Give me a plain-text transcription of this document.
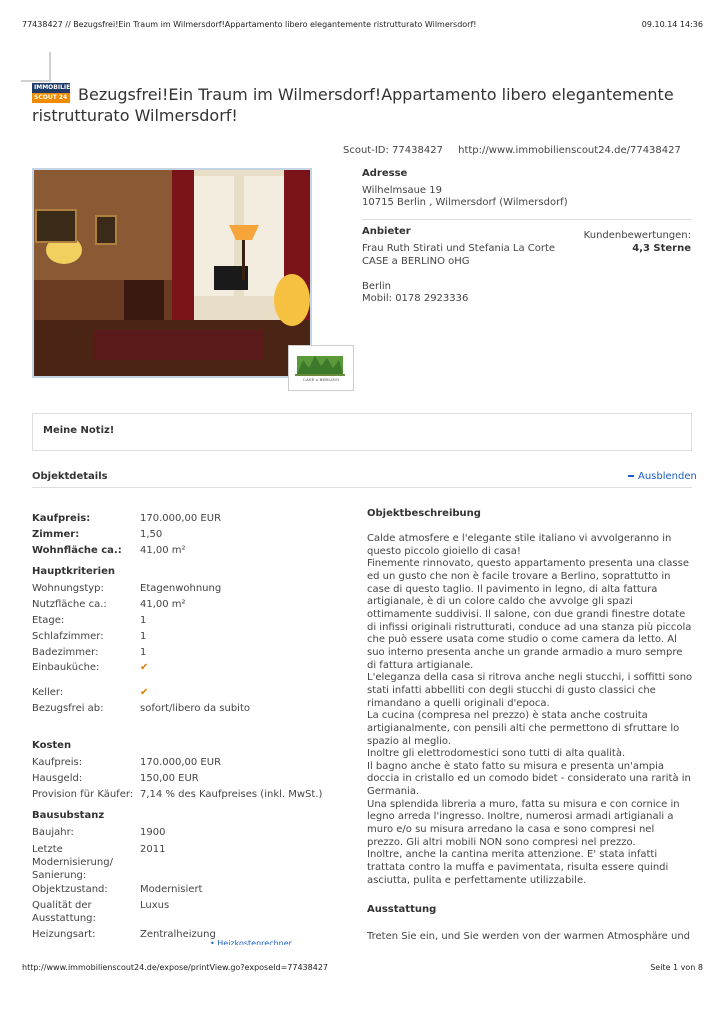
77438427 // Bezugsfrei!Ein Traum im Wilmersdorf!Appartamento libero elegantemente ristrutturato Wilmersdorf!	09.10.14 14:36
IMMOBILIEN
SCOUT 24 Bezugsfrei!Ein Traum im Wilmersdorf!Appartamento libero elegantemente ristrutturato Wilmersdorf!
Scout-ID: 77438427 http://www.immobilienscout24.de/77438427
CASE a BERLINO
Adresse
Wilhelmsaue 19
10715 Berlin , Wilmersdorf (Wilmersdorf)
Anbieter
Frau Ruth Stirati und Stefania La Corte
CASE a BERLINO oHG
Berlin
Mobil: 0178 2923336
Kundenbewertungen:
4,3 Sterne
Meine Notiz!
Objektdetails	Ausblenden
Kaufpreis:	170.000,00 EUR
Zimmer:	1,50
Wohnfläche ca.:	41,00 m²
Hauptkriterien
Wohnungstyp:	Etagenwohnung
Nutzfläche ca.:	41,00 m²
Etage:	1
Schlafzimmer:	1
Badezimmer:	1
Einbauküche:	✔
Keller:	✔
Bezugsfrei ab:	sofort/libero da subito
Kosten
Kaufpreis:	170.000,00 EUR
Hausgeld:	150,00 EUR
Provision für Käufer: 7,14 % des Kaufpreises (inkl. MwSt.)
Bausubstanz
Baujahr:	1900
Letzte
Modernisierung/
Sanierung:
2011
Objektzustand:	Modernisiert
Qualität der
Ausstattung:
Luxus
Heizungsart:	Zentralheizung
• Heizkostenrechner
Objektbeschreibung
Calde atmosfere e l'elegante stile italiano vi avvolgeranno in questo piccolo gioiello di casa!
Finemente rinnovato, questo appartamento presenta una classe ed un gusto che non è facile trovare a Berlino, soprattutto in case di questo taglio. Il pavimento in legno, di alta fattura artigianale, è di un colore caldo che avvolge gli spazi ottimamente suddivisi. Il salone, con due grandi finestre dotate di infissi originali ristrutturati, conduce ad una stanza più piccola che può essere usata come studio o come camera da letto. Al suo interno presenta anche un grande armadio a muro sempre di fattura artigianale.
L'eleganza della casa si ritrova anche negli stucchi, i soffitti sono stati infatti abbelliti con degli stucchi di gusto classici che rimandano a quelli originali d'epoca.
La cucina (compresa nel prezzo) è stata anche costruita artigianalmente, con pensili alti che permettono di sfruttare lo spazio al meglio.
Inoltre gli elettrodomestici sono tutti di alta qualità.
Il bagno anche è stato fatto su misura e presenta un'ampia doccia in cristallo ed un comodo bidet - considerato una rarità in Germania.
Una splendida libreria a muro, fatta su misura e con cornice in legno arreda l'ingresso. Inoltre, numerosi armadi artigianali a muro e/o su misura arredano la casa e sono compresi nel prezzo. Gli altri mobili NON sono compresi nel prezzo.
Inoltre, anche la cantina merita attenzione. E' stata infatti trattata contro la muffa e pavimentata, risulta essere quindi asciutta, pulita e perfettamente utilizzabile.
Ausstattung
Treten Sie ein, und Sie werden von der warmen Atmosphäre und
http://www.immobilienscout24.de/expose/printView.go?exposeId=77438427	Seite 1 von 8
